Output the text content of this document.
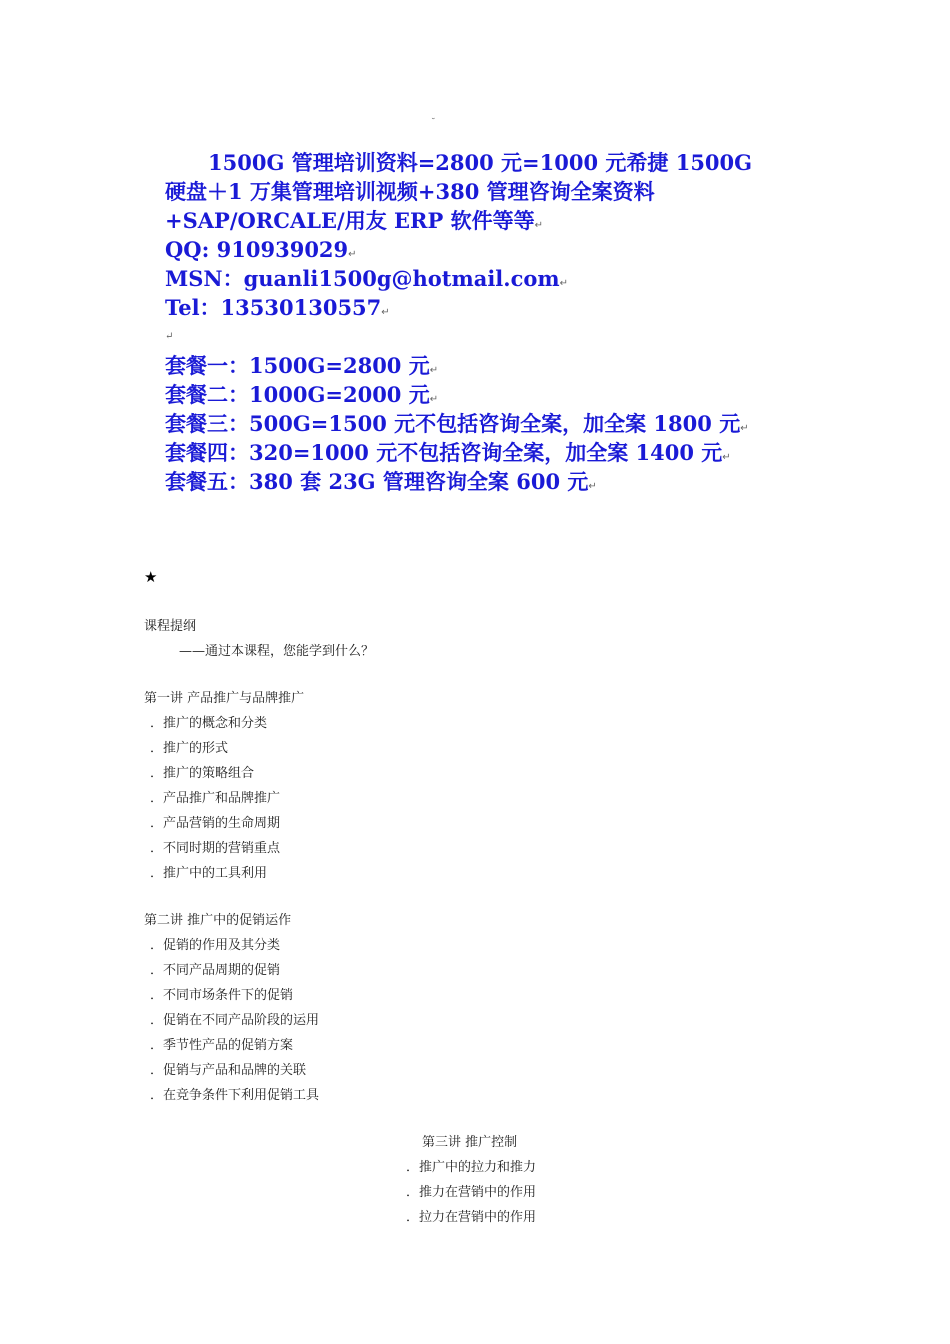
˘
1500G 管理培训资料=2800 元=1000 元希捷 1500G
硬盘＋1 万集管理培训视频+380 管理咨询全案资料
+SAP/ORCALE/用友 ERP 软件等等↵
QQ: 910939029↵
MSN：guanli1500g@hotmail.com↵
Tel：13530130557↵
↵
套餐一：1500G=2800 元↵
套餐二：1000G=2000 元↵
套餐三：500G=1500 元不包括咨询全案，加全案 1800 元↵
套餐四：320=1000 元不包括咨询全案，加全案 1400 元↵
套餐五：380 套 23G 管理咨询全案 600 元↵
★
课程提纲
——通过本课程，您能学到什么？
第一讲 产品推广与品牌推广
．推广的概念和分类
．推广的形式
．推广的策略组合
．产品推广和品牌推广
．产品营销的生命周期
．不同时期的营销重点
．推广中的工具利用
第二讲 推广中的促销运作
．促销的作用及其分类
．不同产品周期的促销
．不同市场条件下的促销
．促销在不同产品阶段的运用
．季节性产品的促销方案
．促销与产品和品牌的关联
．在竞争条件下利用促销工具
第三讲 推广控制
．推广中的拉力和推力
．推力在营销中的作用
．拉力在营销中的作用
